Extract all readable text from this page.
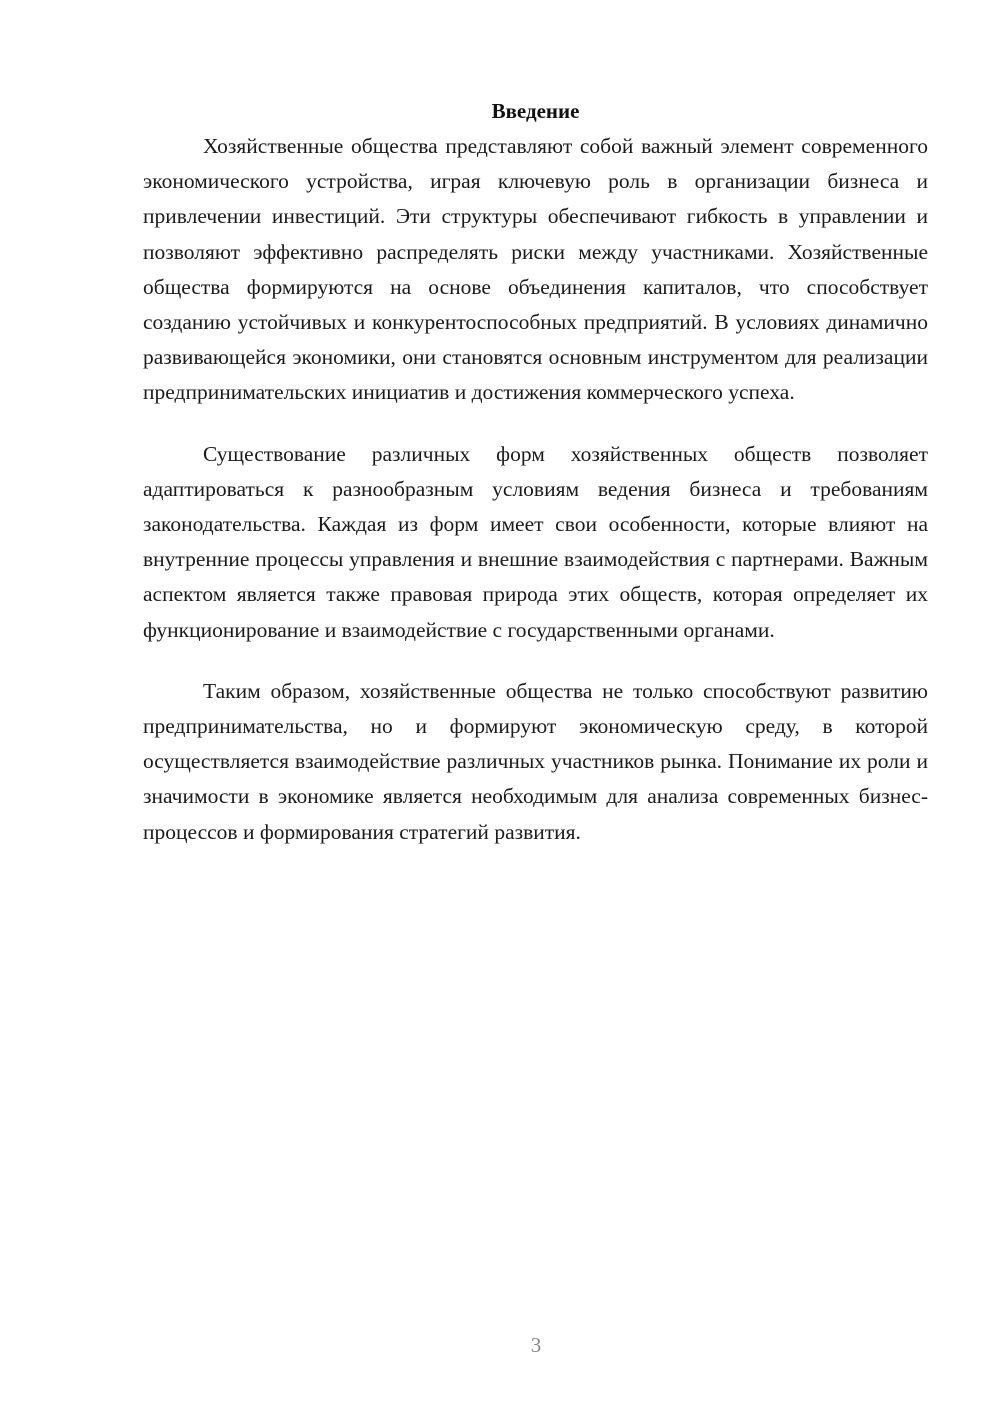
Введение

Хозяйственные общества представляют собой важный элемент современного экономического устройства, играя ключевую роль в организации бизнеса и привлечении инвестиций. Эти структуры обеспечивают гибкость в управлении и позволяют эффективно распределять риски между участниками. Хозяйственные общества формируются на основе объединения капиталов, что способствует созданию устойчивых и конкурентоспособных предприятий. В условиях динамично развивающейся экономики, они становятся основным инструментом для реализации предпринимательских инициатив и достижения коммерческого успеха.

Существование различных форм хозяйственных обществ позволяет адаптироваться к разнообразным условиям ведения бизнеса и требованиям законодательства. Каждая из форм имеет свои особенности, которые влияют на внутренние процессы управления и внешние взаимодействия с партнерами. Важным аспектом является также правовая природа этих обществ, которая определяет их функционирование и взаимодействие с государственными органами.

Таким образом, хозяйственные общества не только способствуют развитию предпринимательства, но и формируют экономическую среду, в которой осуществляется взаимодействие различных участников рынка. Понимание их роли и значимости в экономике является необходимым для анализа современных бизнес-процессов и формирования стратегий развития.

3
